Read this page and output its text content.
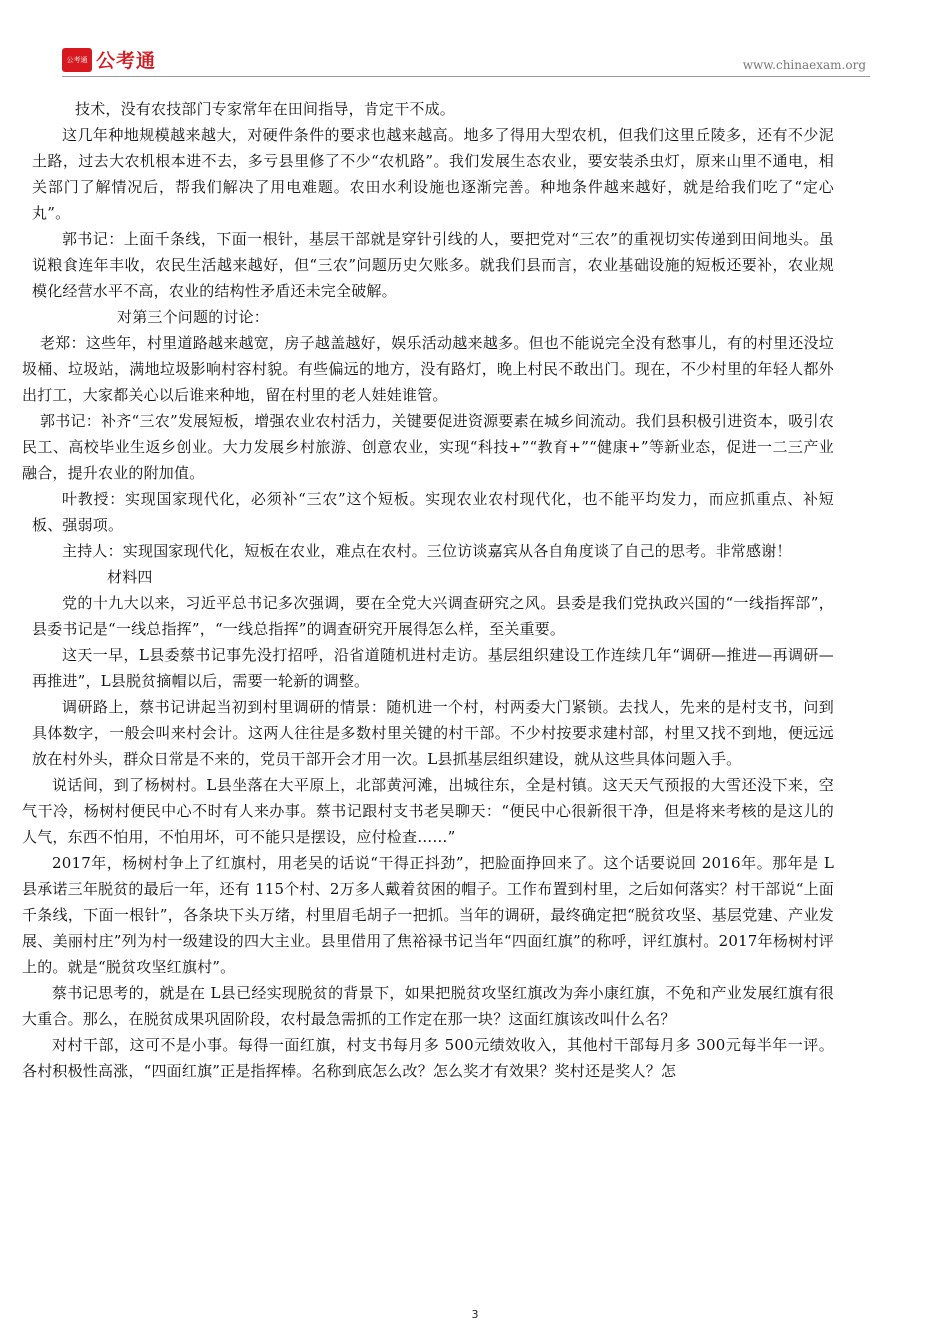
公考通 公考通	www.chinaexam.org

技术，没有农技部门专家常年在田间指导，肯定干不成。

这几年种地规模越来越大，对硬件条件的要求也越来越高。地多了得用大型农机，但我们这里丘陵多，还有不少泥土路，过去大农机根本进不去，多亏县里修了不少“农机路”。我们发展生态农业，要安装杀虫灯，原来山里不通电，相关部门了解情况后，帮我们解决了用电难题。农田水利设施也逐渐完善。种地条件越来越好，就是给我们吃了“定心丸”。

郭书记：上面千条线，下面一根针，基层干部就是穿针引线的人，要把党对“三农”的重视切实传递到田间地头。虽说粮食连年丰收，农民生活越来越好，但“三农”问题历史欠账多。就我们县而言，农业基础设施的短板还要补，农业规模化经营水平不高，农业的结构性矛盾还未完全破解。

对第三个问题的讨论：

老郑：这些年，村里道路越来越宽，房子越盖越好，娱乐活动越来越多。但也不能说完全没有愁事儿，有的村里还没垃圾桶、垃圾站，满地垃圾影响村容村貌。有些偏远的地方，没有路灯，晚上村民不敢出门。现在，不少村里的年轻人都外出打工，大家都关心以后谁来种地，留在村里的老人娃娃谁管。

郭书记：补齐“三农”发展短板，增强农业农村活力，关键要促进资源要素在城乡间流动。我们县积极引进资本，吸引农民工、高校毕业生返乡创业。大力发展乡村旅游、创意农业，实现“科技+”“教育+”“健康+”等新业态，促进一二三产业融合，提升农业的附加值。

叶教授：实现国家现代化，必须补“三农”这个短板。实现农业农村现代化，也不能平均发力，而应抓重点、补短板、强弱项。

主持人：实现国家现代化，短板在农业，难点在农村。三位访谈嘉宾从各自角度谈了自己的思考。非常感谢！

材料四

党的十九大以来，习近平总书记多次强调，要在全党大兴调查研究之风。县委是我们党执政兴国的“一线指挥部”，县委书记是“一线总指挥”，“一线总指挥”的调查研究开展得怎么样，至关重要。

这天一早，L县委蔡书记事先没打招呼，沿省道随机进村走访。基层组织建设工作连续几年“调研—推进—再调研—再推进”，L县脱贫摘帽以后，需要一轮新的调整。

调研路上，蔡书记讲起当初到村里调研的情景：随机进一个村，村两委大门紧锁。去找人，先来的是村支书，问到具体数字，一般会叫来村会计。这两人往往是多数村里关键的村干部。不少村按要求建村部，村里又找不到地，便远远放在村外头，群众日常是不来的，党员干部开会才用一次。L县抓基层组织建设，就从这些具体问题入手。

说话间，到了杨树村。L县坐落在大平原上，北部黄河滩，出城往东，全是村镇。这天天气预报的大雪还没下来，空气干冷，杨树村便民中心不时有人来办事。蔡书记跟村支书老吴聊天：“便民中心很新很干净，但是将来考核的是这儿的人气，东西不怕用，不怕用坏，可不能只是摆设，应付检查……”

2017年，杨树村争上了红旗村，用老吴的话说“干得正抖劲”，把脸面挣回来了。这个话要说回 2016年。那年是 L县承诺三年脱贫的最后一年，还有 115个村、2万多人戴着贫困的帽子。工作布置到村里，之后如何落实？村干部说“上面千条线，下面一根针”，各条块下头万绪，村里眉毛胡子一把抓。当年的调研，最终确定把“脱贫攻坚、基层党建、产业发展、美丽村庄”列为村一级建设的四大主业。县里借用了焦裕禄书记当年“四面红旗”的称呼，评红旗村。2017年杨树村评上的。就是“脱贫攻坚红旗村”。

蔡书记思考的，就是在 L县已经实现脱贫的背景下，如果把脱贫攻坚红旗改为奔小康红旗，不免和产业发展红旗有很大重合。那么，在脱贫成果巩固阶段，农村最急需抓的工作定在那一块？这面红旗该改叫什么名？

对村干部，这可不是小事。每得一面红旗，村支书每月多 500元绩效收入，其他村干部每月多 300元每半年一评。各村积极性高涨，“四面红旗”正是指挥棒。名称到底怎么改？怎么奖才有效果？奖村还是奖人？怎

3
